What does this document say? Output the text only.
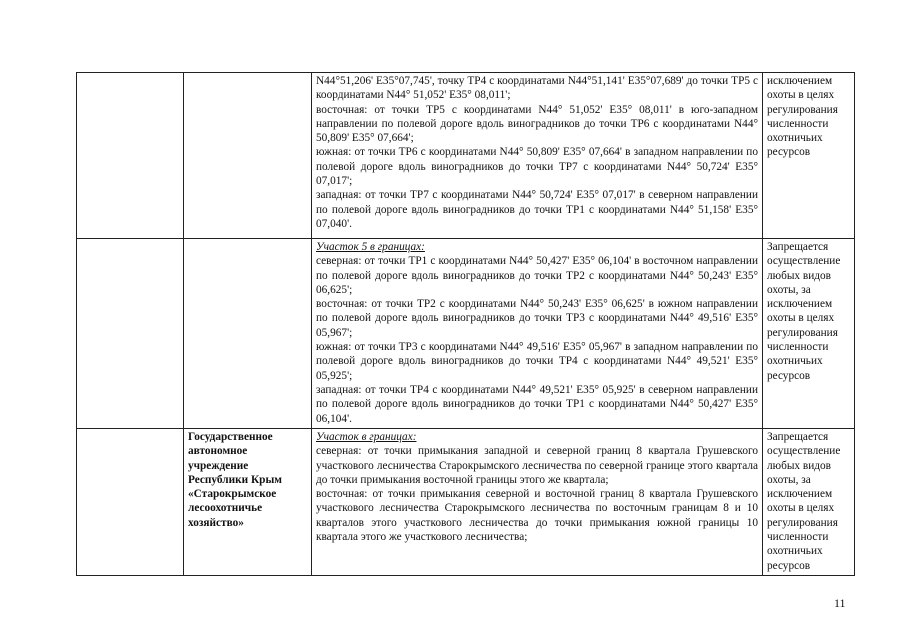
		N44°51,206' E35°07,745', точку ТР4 с координатами N44°51,141' E35°07,689' до точки ТР5 с координатами N44° 51,052' E35° 08,011';

восточная: от точки ТР5 с координатами N44° 51,052' E35° 08,011' в юго-западном направлении по полевой дороге вдоль виноградников до точки ТР6 с координатами N44° 50,809' E35° 07,664';

южная: от точки ТР6 с координатами N44° 50,809' E35° 07,664' в западном направлении по полевой дороге вдоль виноградников до точки ТР7 с координатами N44° 50,724' E35° 07,017';

западная: от точки ТР7 с координатами N44° 50,724' E35° 07,017' в северном направлении по полевой дороге вдоль виноградников до точки ТР1 с координатами N44° 51,158' E35° 07,040'.	исключением охоты в целях регулирования численности охотничьих ресурсов

		Участок 5 в границах:

северная: от точки ТР1 с координатами N44° 50,427' E35° 06,104' в восточном направлении по полевой дороге вдоль виноградников до точки ТР2 с координатами N44° 50,243' E35° 06,625';

восточная: от точки ТР2 с координатами N44° 50,243' E35° 06,625' в южном направлении по полевой дороге вдоль виноградников до точки ТР3 с координатами N44° 49,516' E35° 05,967';

южная: от точки ТР3 с координатами N44° 49,516' E35° 05,967' в западном направлении по полевой дороге вдоль виноградников до точки ТР4 с координатами N44° 49,521' E35° 05,925';

западная: от точки ТР4 с координатами N44° 49,521' E35° 05,925' в северном направлении по полевой дороге вдоль виноградников до точки ТР1 с координатами N44° 50,427' E35° 06,104'.	Запрещается осуществление любых видов охоты, за исключением охоты в целях регулирования численности охотничьих ресурсов
	Государственное автономное учреждение Республики Крым «Старокрымское лесоохотничье хозяйство»	Участок в границах:

северная: от точки примыкания западной и северной границ 8 квартала Грушевского участкового лесничества Старокрымского лесничества по северной границе этого квартала до точки примыкания восточной границы этого же квартала;

восточная: от точки примыкания северной и восточной границ 8 квартала Грушевского участкового лесничества Старокрымского лесничества по восточным границам 8 и 10 кварталов этого участкового лесничества до точки примыкания южной границы 10 квартала этого же участкового лесничества;	Запрещается осуществление любых видов охоты, за исключением охоты в целях регулирования численности охотничьих ресурсов
11
